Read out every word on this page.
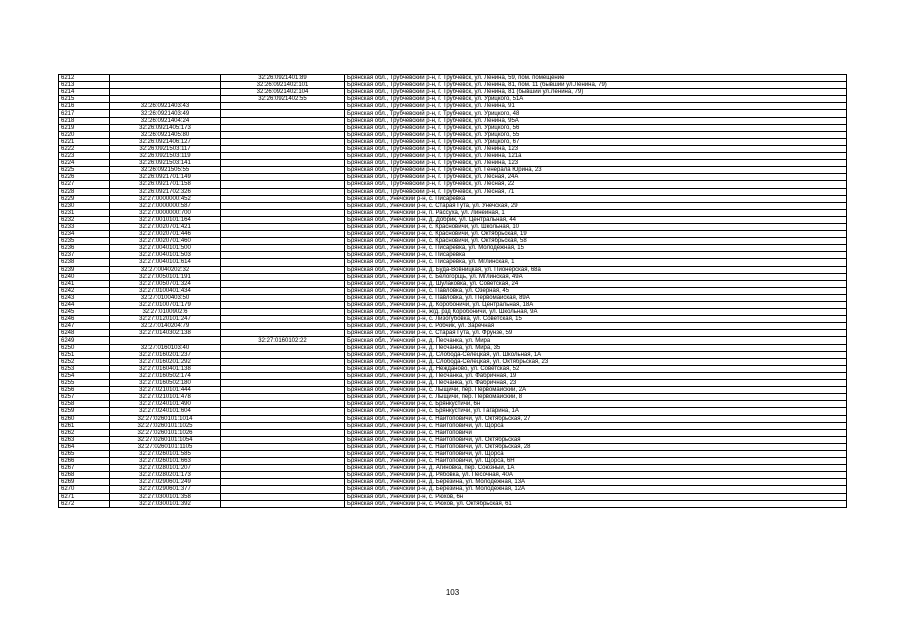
6212		32:26:0921401:89	Брянская обл., Трубчевский р-н, г. Трубчевск, ул. Ленина, 59, пом. помещение
6213		32:26:0921402:101	Брянская обл., Трубчевский р-н, г. Трубчевск, ул. Ленина, 81, пом. 11 (бывший ул.Ленина, 79)
6214		32:26:0921402:104	Брянская обл., Трубчевский р-н, г. Трубчевск, ул. Ленина, 81 (бывший ул.Ленина, 79)
6215		32:26:0921402:55	Брянская обл., Трубчевский р-н, г. Трубчевск, ул. Урицкого, 51А
6216	32:26:0921403:43		Брянская обл., Трубчевский р-н, г. Трубчевск, ул. Ленина, 91
6217	32:26:0921403:49		Брянская обл., Трубчевский р-н, г. Трубчевск, ул. Урицкого, 48
6218	32:26:0921404:24		Брянская обл., Трубчевский р-н, г. Трубчевск, ул. Ленина, 95А
6219	32:26:0921405:173		Брянская обл., Трубчевский р-н, г. Трубчевск, ул. Урицкого, 56
6220	32:26:0921405:80		Брянская обл., Трубчевский р-н, г. Трубчевск, ул. Урицкого, 55
6221	32:26:0921406:127		Брянская обл., Трубчевский р-н, г. Трубчевск, ул. Урицкого, 67
6222	32:26:0921503:117		Брянская обл., Трубчевский р-н, г. Трубчевск, ул. Ленина, 123
6223	32:26:0921503:119		Брянская обл., Трубчевский р-н, г. Трубчевск, ул. Ленина, 121а
6224	32:26:0921503:141		Брянская обл., Трубчевский р-н, г. Трубчевск, ул. Ленина, 123
6225	32:26:0921505:55		Брянская обл., Трубчевский р-н, г. Трубчевск, ул. Генерала Юрина, 23
6226	32:26:0921701:149		Брянская обл., Трубчевский р-н, г. Трубчевск, ул. Лесная, 24А
6227	32:26:0921701:158		Брянская обл., Трубчевский р-н, г. Трубчевск, ул. Лесная, 22
6228	32:26:0921702:326		Брянская обл., Трубчевский р-н, г. Трубчевск, ул. Лесная, 71
6229	32:27:0000000:452		Брянская обл., Унечский р-н, с. Писаревка
6230	32:27:0000000:587		Брянская обл., Унечский р-н, с. Старая Гута, ул. Унечская, 29
6231	32:27:0000000:700		Брянская обл., Унечский р-н, п. Рассуха, ул. Линейная, 1
6232	32:27:0010101:164		Брянская обл., Унечский р-н, д. Добрик, ул. Центральная, 44
6233	32:27:0020701:421		Брянская обл., Унечский р-н, с. Красновичи, ул. Школьная, 10
6234	32:27:0020701:446		Брянская обл., Унечский р-н, с. Красновичи, ул. Октябрьская, 19
6235	32:27:0020701:460		Брянская обл., Унечский р-н, с. Красновичи, ул. Октябрьская, 58
6236	32:27:0040101:500		Брянская обл., Унечский р-н, с. Писаревка, ул. Молодежная, 15
6237	32:27:0040101:503		Брянская обл., Унечский р-н, с. Писаревка
6238	32:27:0040101:614		Брянская обл., Унечский р-н, с. Писаревка, ул. Мглинская, 1
6239	32:27:0040202:32		Брянская обл., Унечский р-н, д. Буда-Вовницкая, ул. Пионерская, 68а
6240	32:27:0050101:191		Брянская обл., Унечский р-н, с. Белогорщь, ул. Мглинская, 49А
6241	32:27:0050701:324		Брянская обл., Унечский р-н, д. Шулаковка, ул. Советская, 24
6242	32:27:0100401:434		Брянская обл., Унечский р-н, с. Павловка, ул. Озерная, 45
6243	32:27:0100403:50		Брянская обл., Унечский р-н, с. Павловка, ул. Первомайская, 89А
6244	32:27:0100701:179		Брянская обл., Унечский р-н, д. Коробоничи, ул. Центральная, 18А
6245	32:27:0100902:6		Брянская обл., Унечский р-н, ж/д. рзд Коробоничи, ул. Школьная, 9А
6246	32:27:0120101:247		Брянская обл., Унечский р-н, с. Лизогубовка, ул. Советская, 15
6247	32:27:0140204:79		Брянская обл., Унечский р-н, с. Робчик, ул. Заречная
6248	32:27:0140302:138		Брянская обл., Унечский р-н, с. Старая Гута, ул. Фрунзе, 59
6249		32:27:0160102:22	Брянская обл., Унечский р-н, д. Песчанка, ул. Мира
6250	32:27:0160103:40		Брянская обл., Унечский р-н, д. Песчанка, ул. Мира, 35
6251	32:27:0160201:237		Брянская обл., Унечский р-н, д. Слобода-Селецкая, ул. Школьная, 1А
6252	32:27:0160201:292		Брянская обл., Унечский р-н, д. Слобода-Селецкая, ул. Октябрьская, 23
6253	32:27:0160401:138		Брянская обл., Унечский р-н, д. Нежданово, ул. Советская, 52
6254	32:27:0160502:174		Брянская обл., Унечский р-н, д. Песчанка, ул. Фабричная, 19
6255	32:27:0160502:180		Брянская обл., Унечский р-н, д. Песчанка, ул. Фабричная, 23
6256	32:27:0210101:444		Брянская обл., Унечский р-н, с. Лыщичи, пер. Первомайский, 2А
6257	32:27:0210101:478		Брянская обл., Унечский р-н, с. Лыщичи, пер. Первомайский, 8
6258	32:27:0240101:490		Брянская обл., Унечский р-н, с. Брянкустичи, 6н
6259	32:27:0240101:604		Брянская обл., Унечский р-н, с. Брянкустичи, ул. Гагарина, 1А
6260	32:27:0260101:1014		Брянская обл., Унечский р-н, с. Найтоповичи, ул. Октябрьская, 27
6261	32:27:0260101:1025		Брянская обл., Унечский р-н, с. Найтоповичи, ул. Щорса
6262	32:27:0260101:1026		Брянская обл., Унечский р-н, с. Найтоповичи
6263	32:27:0260101:1054		Брянская обл., Унечский р-н, с. Найтоповичи, ул. Октябрьская
6264	32:27:0260101:1105		Брянская обл., Унечский р-н, с. Найтоповичи, ул. Октябрьская, 28
6265	32:27:0260101:585		Брянская обл., Унечский р-н, с. Найтоповичи, ул. Щорса
6266	32:27:0260101:663		Брянская обл., Унечский р-н, с. Найтоповичи, ул. Щорса, 6Н
6267	32:27:0280101:207		Брянская обл., Унечский р-н, д. Агиновка, пер. Союзный, 1А
6268	32:27:0280201:173		Брянская обл., Унечский р-н, д. Рябовка, ул. Песочная, 40А
6269	32:27:0290601:249		Брянская обл., Унечский р-н, д. Березина, ул. Молодежная, 13А
6270	32:27:0290601:377		Брянская обл., Унечский р-н, д. Березина, ул. Молодежная, 12А
6271	32:27:0300101:358		Брянская обл., Унечский р-н, с. Рюхов, 6н
6272	32:27:0300101:392		Брянская обл., Унечский р-н, с. Рюхов, ул. Октябрьская, 61
103
